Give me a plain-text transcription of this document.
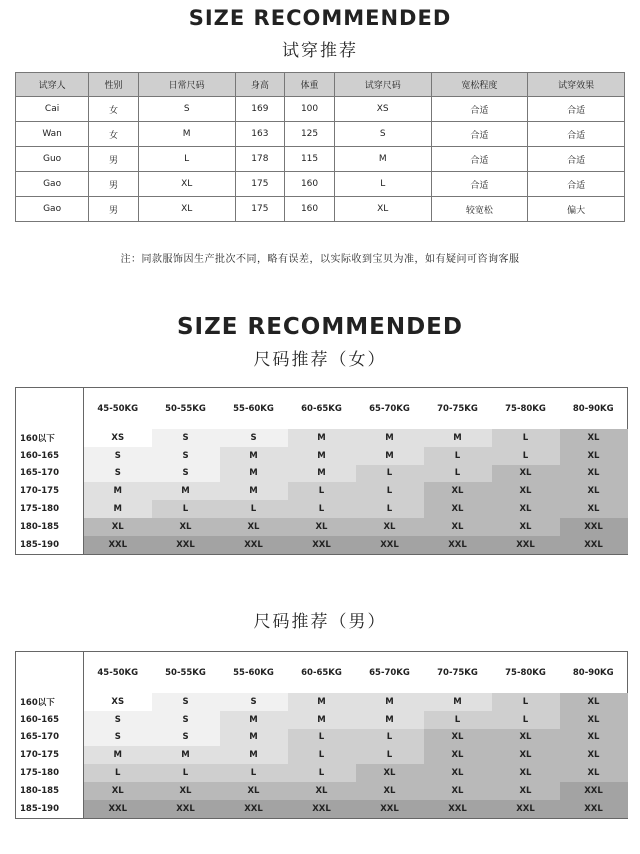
SIZE RECOMMENDED
试穿推荐
试穿人	性别	日常尺码	身高	体重	试穿尺码	宽松程度	试穿效果
Cai	女	S	169	100	XS	合适	合适
Wan	女	M	163	125	S	合适	合适
Guo	男	L	178	115	M	合适	合适
Gao	男	XL	175	160	L	合适	合适
Gao	男	XL	175	160	XL	较宽松	偏大
注：同款服饰因生产批次不同，略有误差，以实际收到宝贝为准，如有疑问可咨询客服
SIZE RECOMMENDED
尺码推荐（女）
	45-50KG	50-55KG	55-60KG	60-65KG	65-70KG	70-75KG	75-80KG	80-90KG
160以下	XS	S	S	M	M	M	L	XL
160-165	S	S	M	M	M	L	L	XL
165-170	S	S	M	M	L	L	XL	XL
170-175	M	M	M	L	L	XL	XL	XL
175-180	M	L	L	L	L	XL	XL	XL
180-185	XL	XL	XL	XL	XL	XL	XL	XXL
185-190	XXL	XXL	XXL	XXL	XXL	XXL	XXL	XXL
尺码推荐（男）
	45-50KG	50-55KG	55-60KG	60-65KG	65-70KG	70-75KG	75-80KG	80-90KG
160以下	XS	S	S	M	M	M	L	XL
160-165	S	S	M	M	M	L	L	XL
165-170	S	S	M	L	L	XL	XL	XL
170-175	M	M	M	L	L	XL	XL	XL
175-180	L	L	L	L	XL	XL	XL	XL
180-185	XL	XL	XL	XL	XL	XL	XL	XXL
185-190	XXL	XXL	XXL	XXL	XXL	XXL	XXL	XXL
